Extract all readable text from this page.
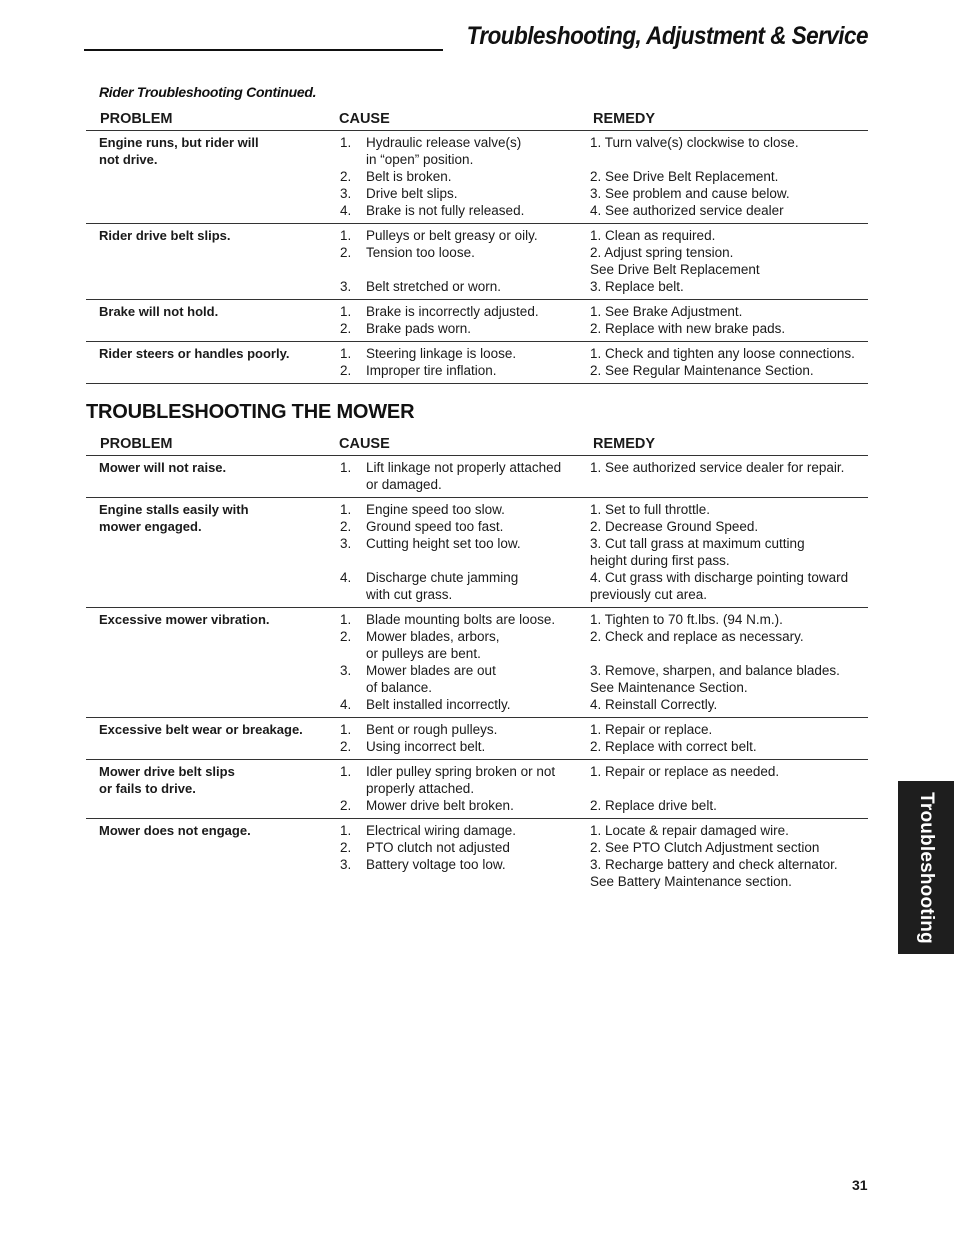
Troubleshooting, Adjustment & Service
Rider Troubleshooting Continued.
PROBLEM	CAUSE	REMEDY
Engine runs, but rider will	1. Hydraulic release valve(s)	1. Turn valve(s) clockwise to close.
not drive.	in “open” position.
2. Belt is broken.	2. See Drive Belt Replacement.
3. Drive belt slips.	3. See problem and cause below.
4. Brake is not fully released.	4. See authorized service dealer
Rider drive belt slips.	1. Pulleys or belt greasy or oily.	1. Clean as required.
2. Tension too loose.	2. Adjust spring tension.
See Drive Belt Replacement
3. Belt stretched or worn.	3. Replace belt.
Brake will not hold.	1. Brake is incorrectly adjusted.	1. See Brake Adjustment.
2. Brake pads worn.	2. Replace with new brake pads.
Rider steers or handles poorly.	1. Steering linkage is loose.	1. Check and tighten any loose connections.
2. Improper tire inflation.	2. See Regular Maintenance Section.
TROUBLESHOOTING THE MOWER
PROBLEM	CAUSE	REMEDY
Mower will not raise.	1. Lift linkage not properly attached 1. See authorized service dealer for repair.
or damaged.
Engine stalls easily with	1. Engine speed too slow.	1. Set to full throttle.
mower engaged.	2. Ground speed too fast.	2. Decrease Ground Speed.
3. Cutting height set too low.	3. Cut tall grass at maximum cutting
height during first pass.
4. Discharge chute jamming	4. Cut grass with discharge pointing toward
with cut grass.	previously cut area.
Excessive mower vibration.	1. Blade mounting bolts are loose.	1. Tighten to 70 ft.lbs. (94 N.m.).
2. Mower blades, arbors,	2. Check and replace as necessary.
or pulleys are bent.
3. Mower blades are out	3. Remove, sharpen, and balance blades.
of balance.	See Maintenance Section.
4. Belt installed incorrectly.	4. Reinstall Correctly.
Excessive belt wear or breakage.	1. Bent or rough pulleys.	1. Repair or replace.
2. Using incorrect belt.	2. Replace with correct belt.
Mower drive belt slips	1. Idler pulley spring broken or not	1. Repair or replace as needed.
or fails to drive.	properly attached.
2. Mower drive belt broken.	2. Replace drive belt.
Mower does not engage.	1. Electrical wiring damage.	1. Locate & repair damaged wire.
2. PTO clutch not adjusted	2. See PTO Clutch Adjustment section
3. Battery voltage too low.	3. Recharge battery and check alternator.
See Battery Maintenance section.	Troubleshooting
31
